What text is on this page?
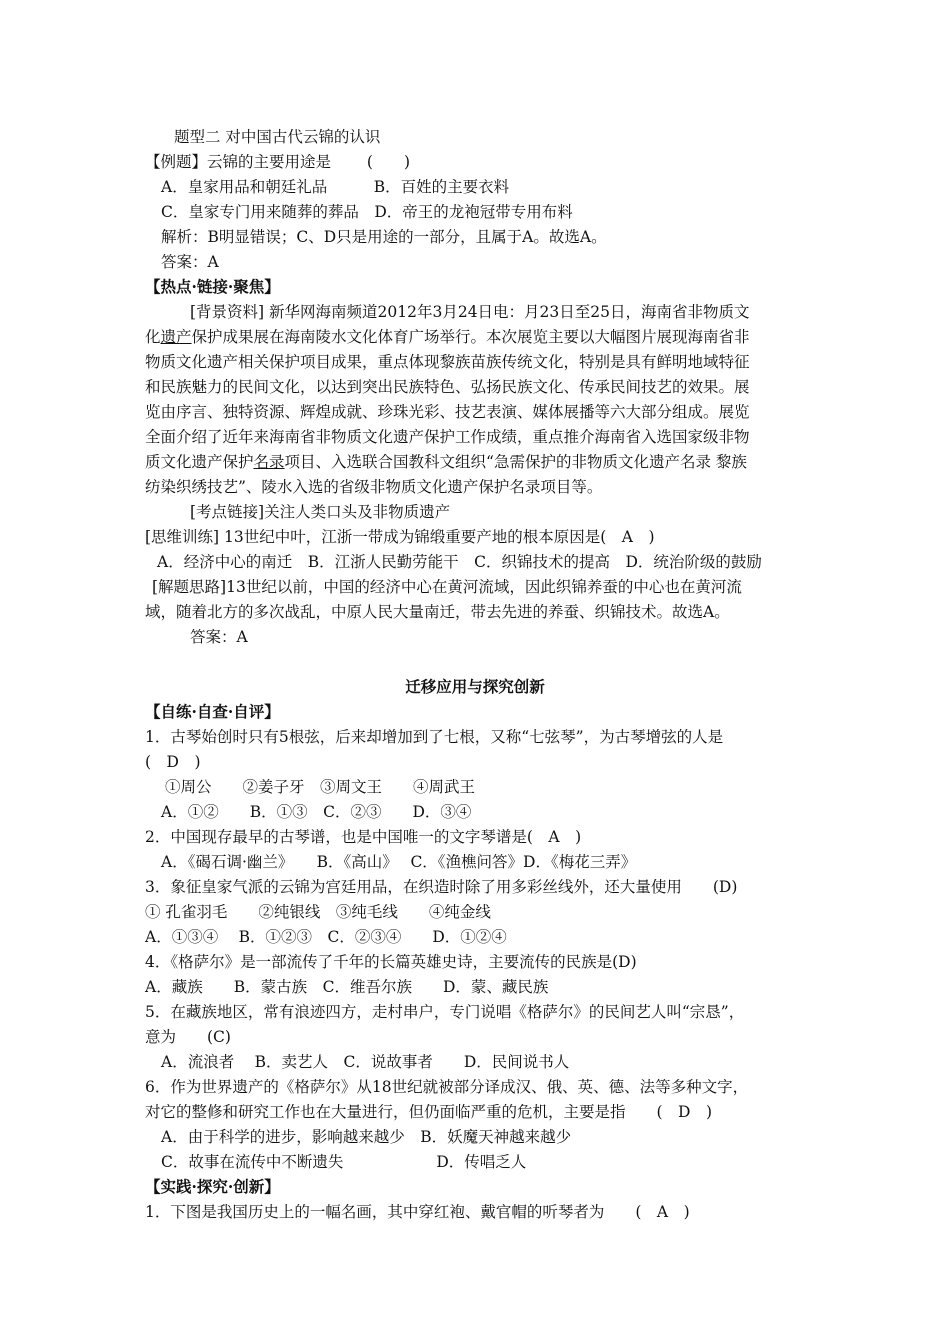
题型二 对中国古代云锦的认识
【例题】云锦的主要用途是　　 (　　)
A．皇家用品和朝廷礼品　　　B．百姓的主要衣料
C．皇家专门用来随葬的葬品　D．帝王的龙袍冠带专用布料
解析：B明显错误；C、D只是用途的一部分，且属于A。故选A。
答案：A
【热点·链接·聚焦】
[背景资料] 新华网海南频道2012年3月24日电：月23日至25日，海南省非物质文
化遗产保护成果展在海南陵水文化体育广场举行。本次展览主要以大幅图片展现海南省非
物质文化遗产相关保护项目成果，重点体现黎族苗族传统文化，特别是具有鲜明地域特征
和民族魅力的民间文化，以达到突出民族特色、弘扬民族文化、传承民间技艺的效果。展
览由序言、独特资源、辉煌成就、珍珠光彩、技艺表演、媒体展播等六大部分组成。展览
全面介绍了近年来海南省非物质文化遗产保护工作成绩，重点推介海南省入选国家级非物
质文化遗产保护名录项目、入选联合国教科文组织“急需保护的非物质文化遗产名录 黎族
纺染织绣技艺”、陵水入选的省级非物质文化遗产保护名录项目等。
[考点链接]关注人类口头及非物质遗产
[思维训练] 13世纪中叶，江浙一带成为锦缎重要产地的根本原因是(　A　)
A．经济中心的南迁　B．江浙人民勤劳能干　C．织锦技术的提高　D．统治阶级的鼓励
[解题思路]13世纪以前，中国的经济中心在黄河流域，因此织锦养蚕的中心也在黄河流
域，随着北方的多次战乱，中原人民大量南迁，带去先进的养蚕、织锦技术。故选A。
答案：A
迁移应用与探究创新
【自练·自查·自评】
1．古琴始创时只有5根弦，后来却增加到了七根，又称“七弦琴”，为古琴增弦的人是
(　D　)
①周公　　②姜子牙　③周文王　　④周武王
A．①②　　B．①③　C．②③　　D．③④
2．中国现存最早的古琴谱，也是中国唯一的文字琴谱是(　A　)
A．《碣石调·幽兰》　　B．《高山》　 C．《渔樵问答》D．《梅花三弄》
3．象征皇家气派的云锦为宫廷用品，在织造时除了用多彩丝线外，还大量使用　　(D)
① 孔雀羽毛　　②纯银线　③纯毛线　　④纯金线
A．①③④　 B．①②③　C．②③④　　D．①②④
4．《格萨尔》是一部流传了千年的长篇英雄史诗，主要流传的民族是(D)
A．藏族　　B．蒙古族　C．维吾尔族　　D．蒙、藏民族
5．在藏族地区，常有浪迹四方，走村串户，专门说唱《格萨尔》的民间艺人叫“宗恳”，
意为　　(C)
A．流浪者　 B．卖艺人　C．说故事者　　D．民间说书人
6．作为世界遗产的《格萨尔》从18世纪就被部分译成汉、俄、英、德、法等多种文字，
对它的整修和研究工作也在大量进行，但仍面临严重的危机，主要是指　　(　D　)
A．由于科学的进步，影响越来越少　B．妖魔天神越来越少
C．故事在流传中不断遗失　　　　　　D．传唱乏人
【实践·探究·创新】
1．下图是我国历史上的一幅名画，其中穿红袍、戴官帽的听琴者为　　(　A　)
